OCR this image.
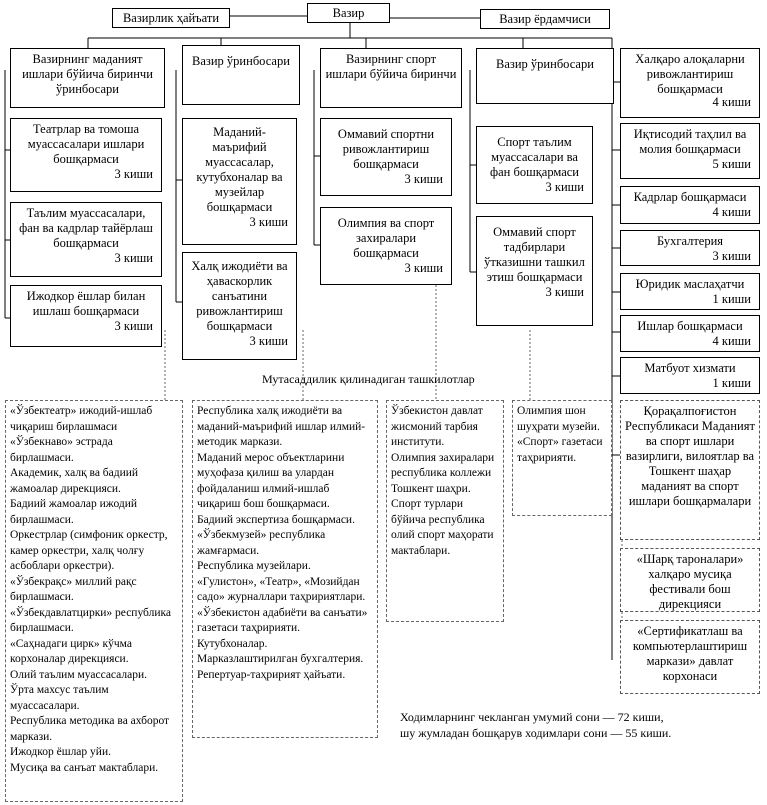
Вазир
Вазирлик ҳайъати	Вазир ёрдамчиси
Вазирнинг маданият ишлари бўйича биринчи ўринбосари
Театрлар ва томоша муассасалари ишлари бошқармаси
3 киши
Таълим муассасалари, фан ва кадрлар тайёрлаш бошқармаси
3 киши
Ижодкор ёшлар билан ишлаш бошқармаси
3 киши
Вазир ўринбосари
Маданий-маърифий муассасалар, кутубхоналар ва музейлар бошқармаси
3 киши
Халқ ижодиёти ва ҳаваскорлик санъатини ривожлантириш бошқармаси
3 киши
Вазирнинг спорт ишлари бўйича биринчи
Оммавий спортни ривожлантириш бошқармаси
3 киши
Олимпия ва спорт захиралари бошқармаси
3 киши
Вазир ўринбосари
Спорт таълим муассасалари ва фан бошқармаси
3 киши
Оммавий спорт тадбирлари ўтказишни ташкил этиш бошқармаси
3 киши
Халқаро алоқаларни ривожлантириш бошқармаси
4 киши
Иқтисодий таҳлил ва молия бошқармаси
5 киши
Кадрлар бошқармаси
4 киши
Бухгалтерия
3 киши
Юридик маслаҳатчи
1 киши
Ишлар бошқармаси
4 киши
Матбуот хизмати
1 киши
Мутасаддилик қилинадиган ташкилотлар
Қорақалпоғистон Республикаси Маданият ва спорт ишлари вазирлиги, вилоятлар ва Тошкент шаҳар маданият ва спорт ишлари бошқармалари
«Шарқ тароналари» халқаро мусиқа фестивали бош дирекцияси
«Сертификатлаш ва компьютерлаштириш маркази» давлат корхонаси
«Ўзбектеатр» ижодий-ишлаб чиқариш бирлашмаси
«Ўзбекнаво» эстрада бирлашмаси.
Академик, халқ ва бадиий жамоалар дирекцияси.
Бадиий жамоалар ижодий бирлашмаси.
Оркестрлар (симфоник оркестр, камер оркестри, халқ чолғу асбоблари оркестри).
«Ўзбекрақс» миллий рақс бирлашмаси.
«Ўзбекдавлатцирки» республика бирлашмаси.
«Саҳнадаги цирк» кўчма корхоналар дирекцияси.
Олий таълим муассасалари.
Ўрта махсус таълим муассасалари.
Республика методика ва ахборот маркази.
Ижодкор ёшлар уйи.
Мусиқа ва санъат мактаблари.
Республика халқ ижодиёти ва маданий-маърифий ишлар илмий-методик маркази.
Маданий мерос объектларини муҳофаза қилиш ва улардан фойдаланиш илмий-ишлаб чиқариш бош бошқармаси.
Бадиий экспертиза бошқармаси.
«Ўзбекмузей» республика жамғармаси.
Республика музейлари.
«Гулистон», «Театр», «Мозийдан садо» журналлари таҳририятлари.
«Ўзбекистон адабиёти ва санъати» газетаси таҳририяти.
Кутубхоналар.
Марказлаштирилган бухгалтерия.
Репертуар-таҳририят ҳайъати.
Ўзбекистон давлат жисмоний тарбия институти.
Олимпия захиралари республика коллежи Тошкент шаҳри.
Спорт турлари бўйича республика олий спорт маҳорати мактаблари.
Олимпия шон шуҳрати музейи.
«Спорт» газетаси таҳририяти.
Ходимларнинг чекланган умумий сони — 72 киши,
шу жумладан бошқарув ходимлари сони — 55 киши.
